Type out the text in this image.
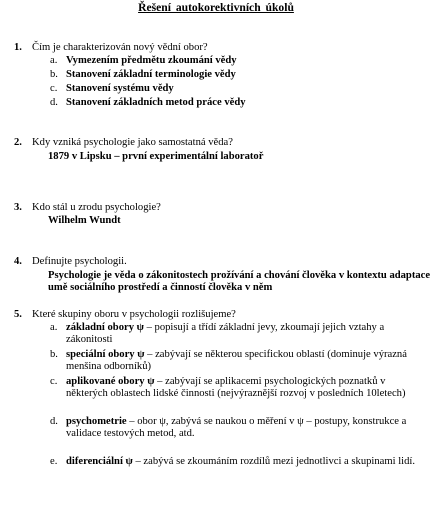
Řešení autokorektivních úkolů
1. Čím je charakterizován nový vědní obor?
a. Vymezením předmětu zkoumání vědy
b. Stanovení základní terminologie vědy
c. Stanovení systému vědy
d. Stanovení základních metod práce vědy
2. Kdy vzniká psychologie jako samostatná věda?
1879 v Lipsku – první experimentální laboratoř
3. Kdo stál u zrodu psychologie?
Wilhelm Wundt
4. Definujte psychologii.
Psychologie je věda o zákonitostech prožívání a chování člověka v kontextu adaptace umě sociálního prostředí a činností člověka v něm
5. Které skupiny oboru v psychologii rozlišujeme?
a. základní obory ψ – popisují a třídí základní jevy, zkoumají jejich vztahy a zákonitosti
b. speciální obory ψ – zabývají se některou specifickou oblastí (dominuje výrazná menšina odborníků)
c. aplikované obory ψ – zabývají se aplikacemi psychologických poznatků v některých oblastech lidské činnosti (nejvýraznější rozvoj v posledních 10letech)
d. psychometrie – obor ψ, zabývá se naukou o měření v ψ – postupy, konstrukce a validace testových metod, atd.
e. diferenciální ψ – zabývá se zkoumáním rozdílů mezi jednotlivci a skupinami lidí.
